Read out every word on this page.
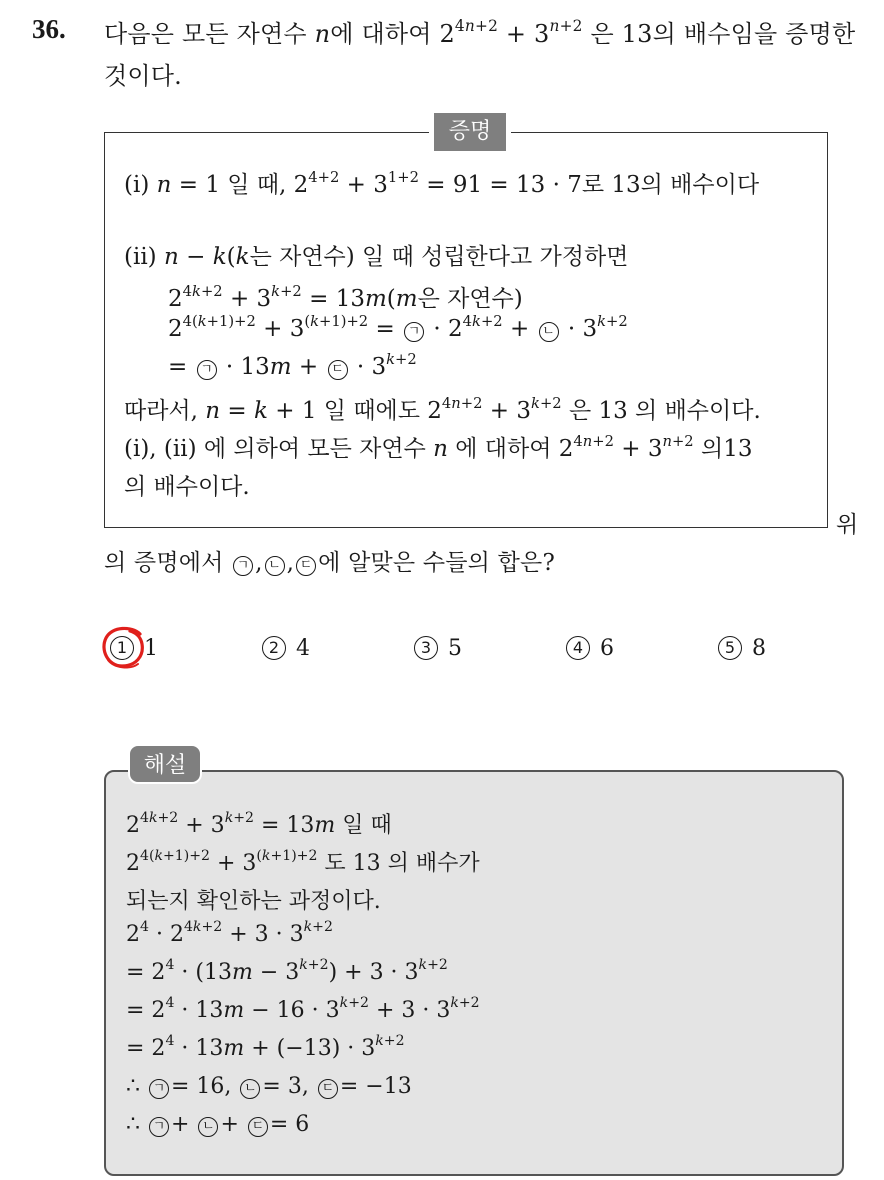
36. 다음은 모든 자연수 n에 대하여 $2^{4n+2} + 3^{n+2}$ 은 13의 배수임을 증명한
것이다.
증명
(i) n = 1 일 때, $2^{4+2} + 3^{1+2} = 91 = 13 \cdot 7$로 13의 배수이다
(ii) n − k(k는 자연수) 일 때 성립한다고 가정하면
$2^{4k+2} + 3^{k+2} = 13m(m$은 자연수)
$2^{4(k+1)+2} + 3^{(k+1)+2}$ = ㄱ · $2^{4k+2}$ + ㄴ · $3^{k+2}$
= ㄱ · 13m + ㄷ · $3^{k+2}$
따라서, n = k + 1 일 때에도 $2^{4n+2} + 3^{k+2}$ 은 13 의 배수이다.
(i), (ii) 에 의하여 모든 자연수 n 에 대하여 $2^{4n+2} + 3^{n+2}$ 의13
의 배수이다.
위
의 증명에서 ㄱ , ㄴ , ㄷ 에 알맞은 수들의 합은?
1 1	2 4	3 5	4 6	5 8
해설
$2^{4k+2} + 3^{k+2} = 13m$ 일 때
$2^{4(k+1)+2} + 3^{(k+1)+2}$ 도 13 의 배수가
되는지 확인하는 과정이다.
$2^4 \cdot 2^{4k+2} + 3 \cdot 3^{k+2}$
= $2^4 \cdot (13m - 3^{k+2}) + 3 \cdot 3^{k+2}$
= $2^4 \cdot 13m - 16 \cdot 3^{k+2} + 3 \cdot 3^{k+2}$
= $2^4 \cdot 13m + (-13) \cdot 3^{k+2}$
∴ ㄱ = 16, ㄴ = 3, ㄷ = −13
∴ ㄱ + ㄴ + ㄷ = 6
